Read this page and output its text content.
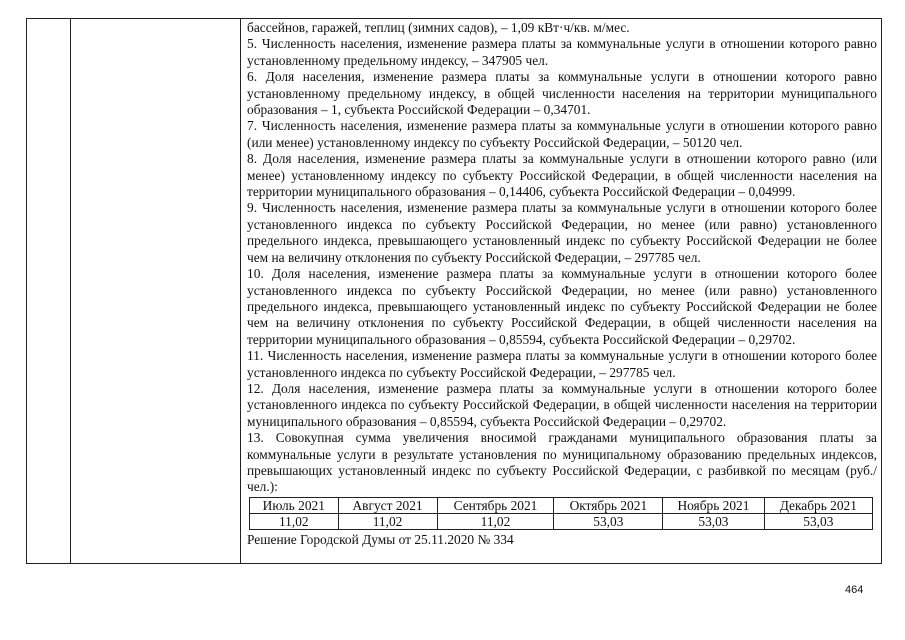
бассейнов, гаражей, теплиц (зимних садов), – 1,09 кВт·ч/кв. м/мес.

5. Численность населения, изменение размера платы за коммунальные услуги в отношении которого равно установленному предельному индексу, – 347905 чел.

6. Доля населения, изменение размера платы за коммунальные услуги в отношении которого равно установленному предельному индексу, в общей численности населения на территории муниципального образования – 1, субъекта Российской Федерации – 0,34701.

7. Численность населения, изменение размера платы за коммунальные услуги в отношении которого равно (или менее) установленному индексу по субъекту Российской Федерации, – 50120 чел.

8. Доля населения, изменение размера платы за коммунальные услуги в отношении которого равно (или менее) установленному индексу по субъекту Российской Федерации, в общей численности населения на территории муниципального образования – 0,14406, субъекта Российской Федерации – 0,04999.

9. Численность населения, изменение размера платы за коммунальные услуги в отношении которого более установленного индекса по субъекту Российской Федерации, но менее (или равно) установленного предельного индекса, превышающего установленный индекс по субъекту Российской Федерации не более чем на величину отклонения по субъекту Российской Федерации, – 297785 чел.

10. Доля населения, изменение размера платы за коммунальные услуги в отношении которого более установленного индекса по субъекту Российской Федерации, но менее (или равно) установленного предельного индекса, превышающего установленный индекс по субъекту Российской Федерации не более чем на величину отклонения по субъекту Российской Федерации, в общей численности населения на территории муниципального образования – 0,85594, субъекта Российской Федерации – 0,29702.

11. Численность населения, изменение размера платы за коммунальные услуги в отношении которого более установленного индекса по субъекту Российской Федерации, – 297785 чел.

12. Доля населения, изменение размера платы за коммунальные услуги в отношении которого более установленного индекса по субъекту Российской Федерации, в общей численности населения на территории муниципального образования – 0,85594, субъекта Российской Федерации – 0,29702.

13. Совокупная сумма увеличения вносимой гражданами муниципального образования платы за коммунальные услуги в результате установления по муниципальному образованию предельных индексов, превышающих установленный индекс по субъекту Российской Федерации, с разбивкой по месяцам (руб./чел.):

Июль 2021	Август 2021	Сентябрь 2021	Октябрь 2021	Ноябрь 2021	Декабрь 2021
11,02	11,02	11,02	53,03	53,03	53,03

Решение Городской Думы от 25.11.2020 № 334

464
